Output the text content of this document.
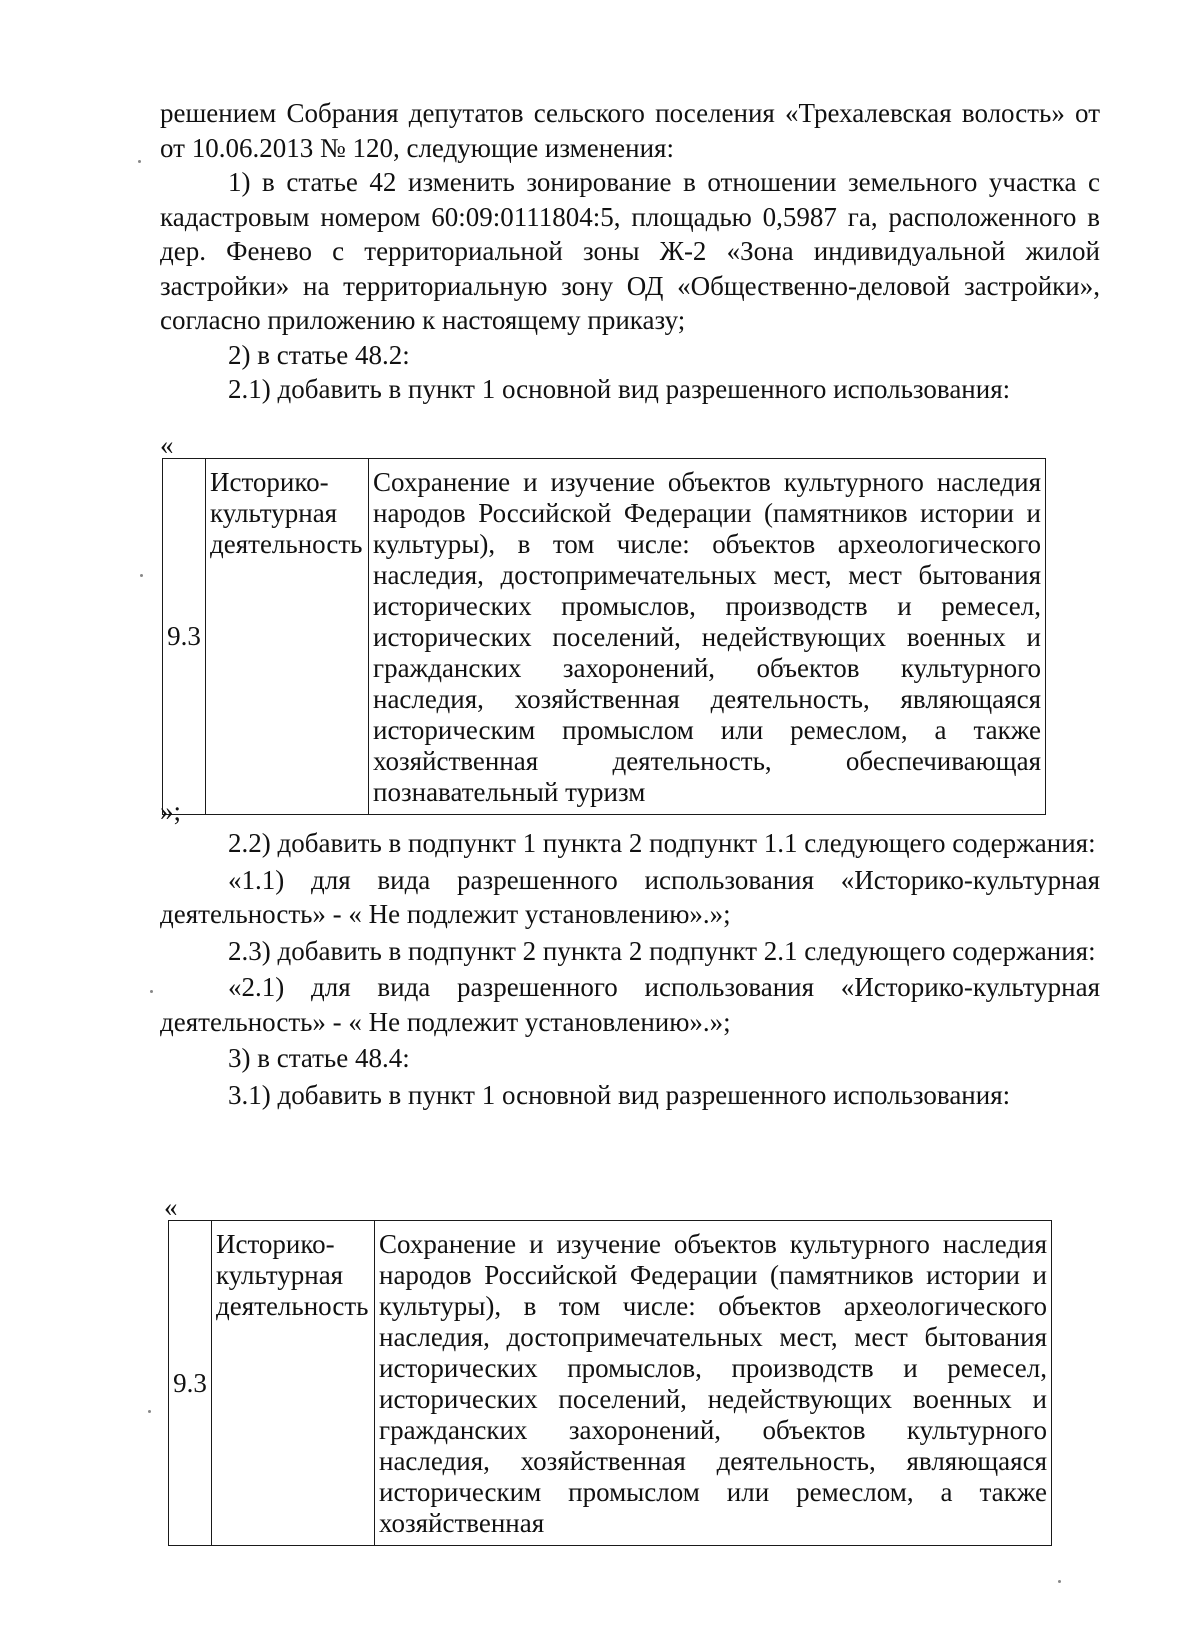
решением Собрания депутатов сельского поселения «Трехалевская волость» от от 10.06.2013 № 120, следующие изменения:

1) в статье 42 изменить зонирование в отношении земельного участка с кадастровым номером 60:09:0111804:5, площадью 0,5987 га, расположенного в дер. Фенево с территориальной зоны Ж-2 «Зона индивидуальной жилой застройки» на территориальную зону ОД «Общественно-деловой застройки», согласно приложению к настоящему приказу;

2) в статье 48.2:

2.1) добавить в пункт 1 основной вид разрешенного использования:

«

9.3	Историко-культурная деятельность	Сохранение и изучение объектов культурного наследия народов Российской Федерации (памятников истории и культуры), в том числе: объектов археологического наследия, достопримечательных мест, мест бытования исторических промыслов, производств и ремесел, исторических поселений, недействующих военных и гражданских захоронений, объектов культурного наследия, хозяйственная деятельность, являющаяся историческим промыслом или ремеслом, а также хозяйственная деятельность, обеспечивающая познавательный туризм

»;

2.2) добавить в подпункт 1 пункта 2 подпункт 1.1 следующего содержания:

«1.1) для вида разрешенного использования «Историко-культурная деятельность» - « Не подлежит установлению».»;

2.3) добавить в подпункт 2 пункта 2 подпункт 2.1 следующего содержания:

«2.1) для вида разрешенного использования «Историко-культурная деятельность» - « Не подлежит установлению».»;

3) в статье 48.4:

3.1) добавить в пункт 1 основной вид разрешенного использования:

«

9.3	Историко-культурная деятельность	Сохранение и изучение объектов культурного наследия народов Российской Федерации (памятников истории и культуры), в том числе: объектов археологического наследия, достопримечательных мест, мест бытования исторических промыслов, производств и ремесел, исторических поселений, недействующих военных и гражданских захоронений, объектов культурного наследия, хозяйственная деятельность, являющаяся историческим промыслом или ремеслом, а также хозяйственная
